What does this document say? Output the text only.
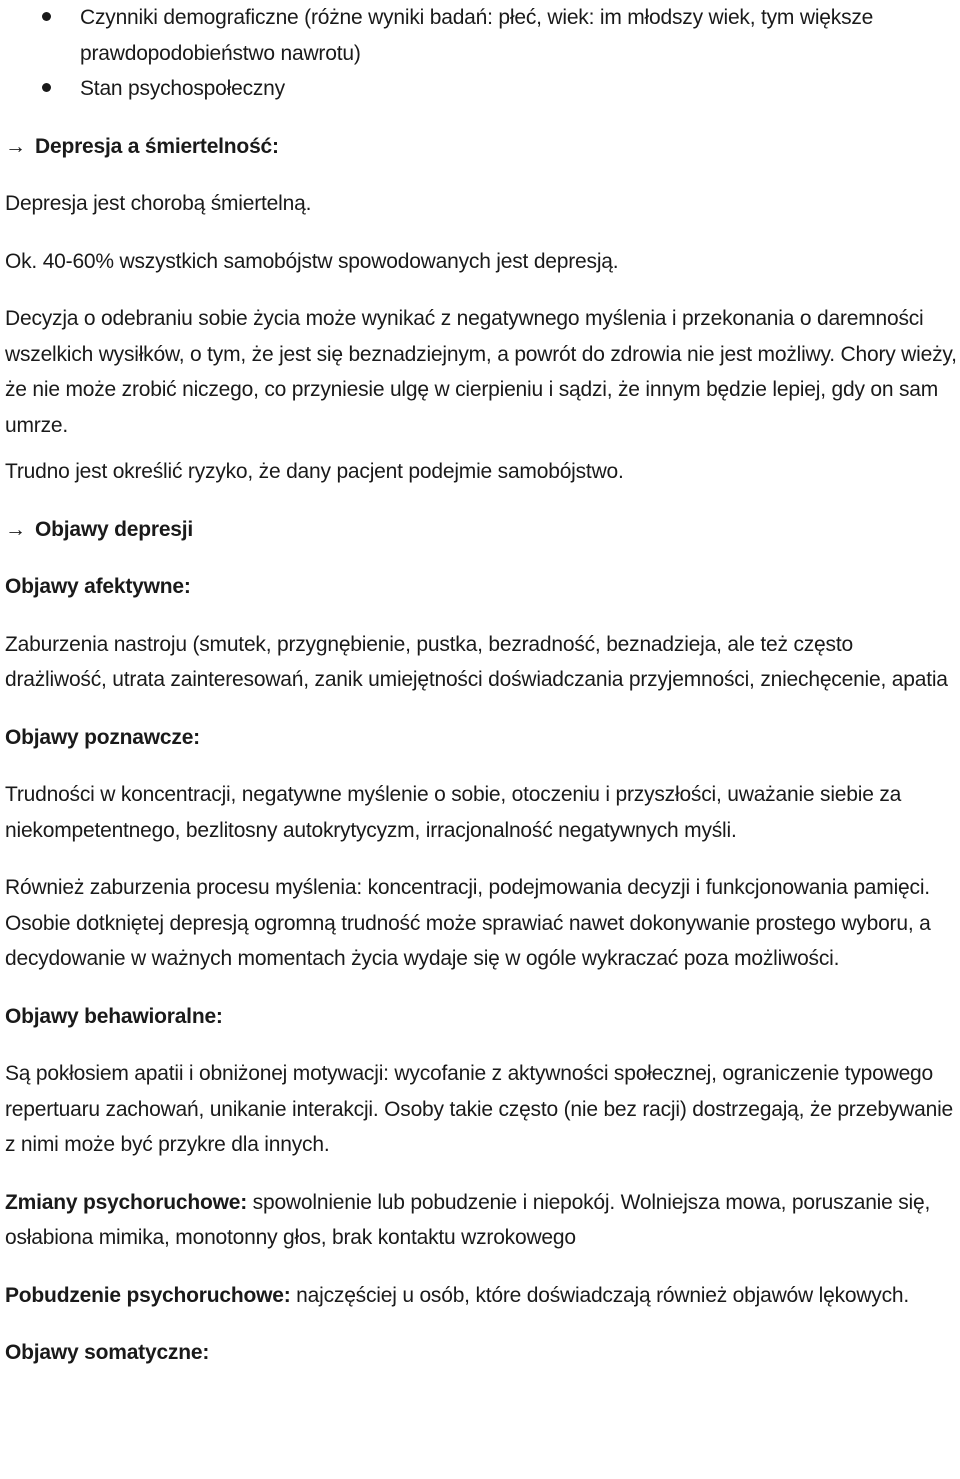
Czynniki demograficzne (różne wyniki badań: płeć, wiek: im młodszy wiek, tym większe prawdopodobieństwo nawrotu)
Stan psychospołeczny

→ Depresja a śmiertelność:

Depresja jest chorobą śmiertelną.

Ok. 40-60% wszystkich samobójstw spowodowanych jest depresją.

Decyzja o odebraniu sobie życia może wynikać z negatywnego myślenia i przekonania o daremności wszelkich wysiłków, o tym, że jest się beznadziejnym, a powrót do zdrowia nie jest możliwy. Chory wieży, że nie może zrobić niczego, co przyniesie ulgę w cierpieniu i sądzi, że innym będzie lepiej, gdy on sam umrze.

Trudno jest określić ryzyko, że dany pacjent podejmie samobójstwo.

→ Objawy depresji

Objawy afektywne:

Zaburzenia nastroju (smutek, przygnębienie, pustka, bezradność, beznadzieja, ale też często drażliwość, utrata zainteresowań, zanik umiejętności doświadczania przyjemności, zniechęcenie, apatia

Objawy poznawcze:

Trudności w koncentracji, negatywne myślenie o sobie, otoczeniu i przyszłości, uważanie siebie za niekompetentnego, bezlitosny autokrytycyzm, irracjonalność negatywnych myśli.

Również zaburzenia procesu myślenia: koncentracji, podejmowania decyzji i funkcjonowania pamięci. Osobie dotkniętej depresją ogromną trudność może sprawiać nawet dokonywanie prostego wyboru, a decydowanie w ważnych momentach życia wydaje się w ogóle wykraczać poza możliwości.

Objawy behawioralne:

Są pokłosiem apatii i obniżonej motywacji: wycofanie z aktywności społecznej, ograniczenie typowego repertuaru zachowań, unikanie interakcji. Osoby takie często (nie bez racji) dostrzegają, że przebywanie z nimi może być przykre dla innych.

Zmiany psychoruchowe: spowolnienie lub pobudzenie i niepokój. Wolniejsza mowa, poruszanie się, osłabiona mimika, monotonny głos, brak kontaktu wzrokowego

Pobudzenie psychoruchowe: najczęściej u osób, które doświadczają również objawów lękowych.

Objawy somatyczne:
